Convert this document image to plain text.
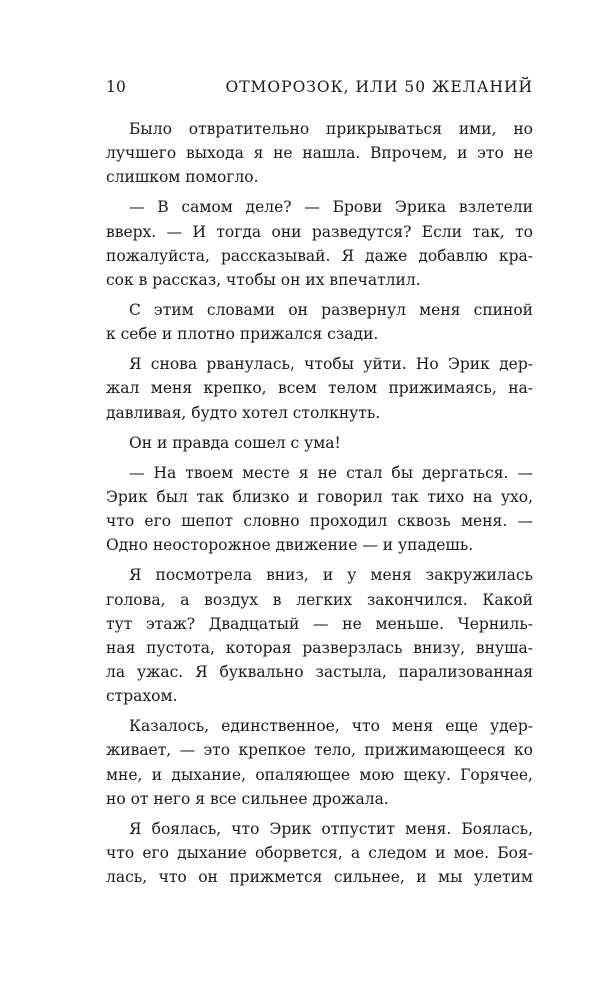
10	ОТМОРОЗОК, ИЛИ 50 ЖЕЛАНИЙ
Было отвратительно прикрываться ими, но
лучшего выхода я не нашла. Впрочем, и это не
слишком помогло.
— В самом деле? — Брови Эрика взлетели
вверх. — И тогда они разведутся? Если так, то
пожалуйста, рассказывай. Я даже добавлю кра-
сок в рассказ, чтобы он их впечатлил.
С этим словами он развернул меня спиной
к себе и плотно прижался сзади.
Я снова рванулась, чтобы уйти. Но Эрик дер-
жал меня крепко, всем телом прижимаясь, на-
давливая, будто хотел столкнуть.
Он и правда сошел с ума!
— На твоем месте я не стал бы дергаться. —
Эрик был так близко и говорил так тихо на ухо,
что его шепот словно проходил сквозь меня. —
Одно неосторожное движение — и упадешь.
Я посмотрела вниз, и у меня закружилась
голова, а воздух в легких закончился. Какой
тут этаж? Двадцатый — не меньше. Черниль-
ная пустота, которая разверзлась внизу, внуша-
ла ужас. Я буквально застыла, парализованная
страхом.
Казалось, единственное, что меня еще удер-
живает, — это крепкое тело, прижимающееся ко
мне, и дыхание, опаляющее мою щеку. Горячее,
но от него я все сильнее дрожала.
Я боялась, что Эрик отпустит меня. Боялась,
что его дыхание оборвется, а следом и мое. Боя-
лась, что он прижмется сильнее, и мы улетим
